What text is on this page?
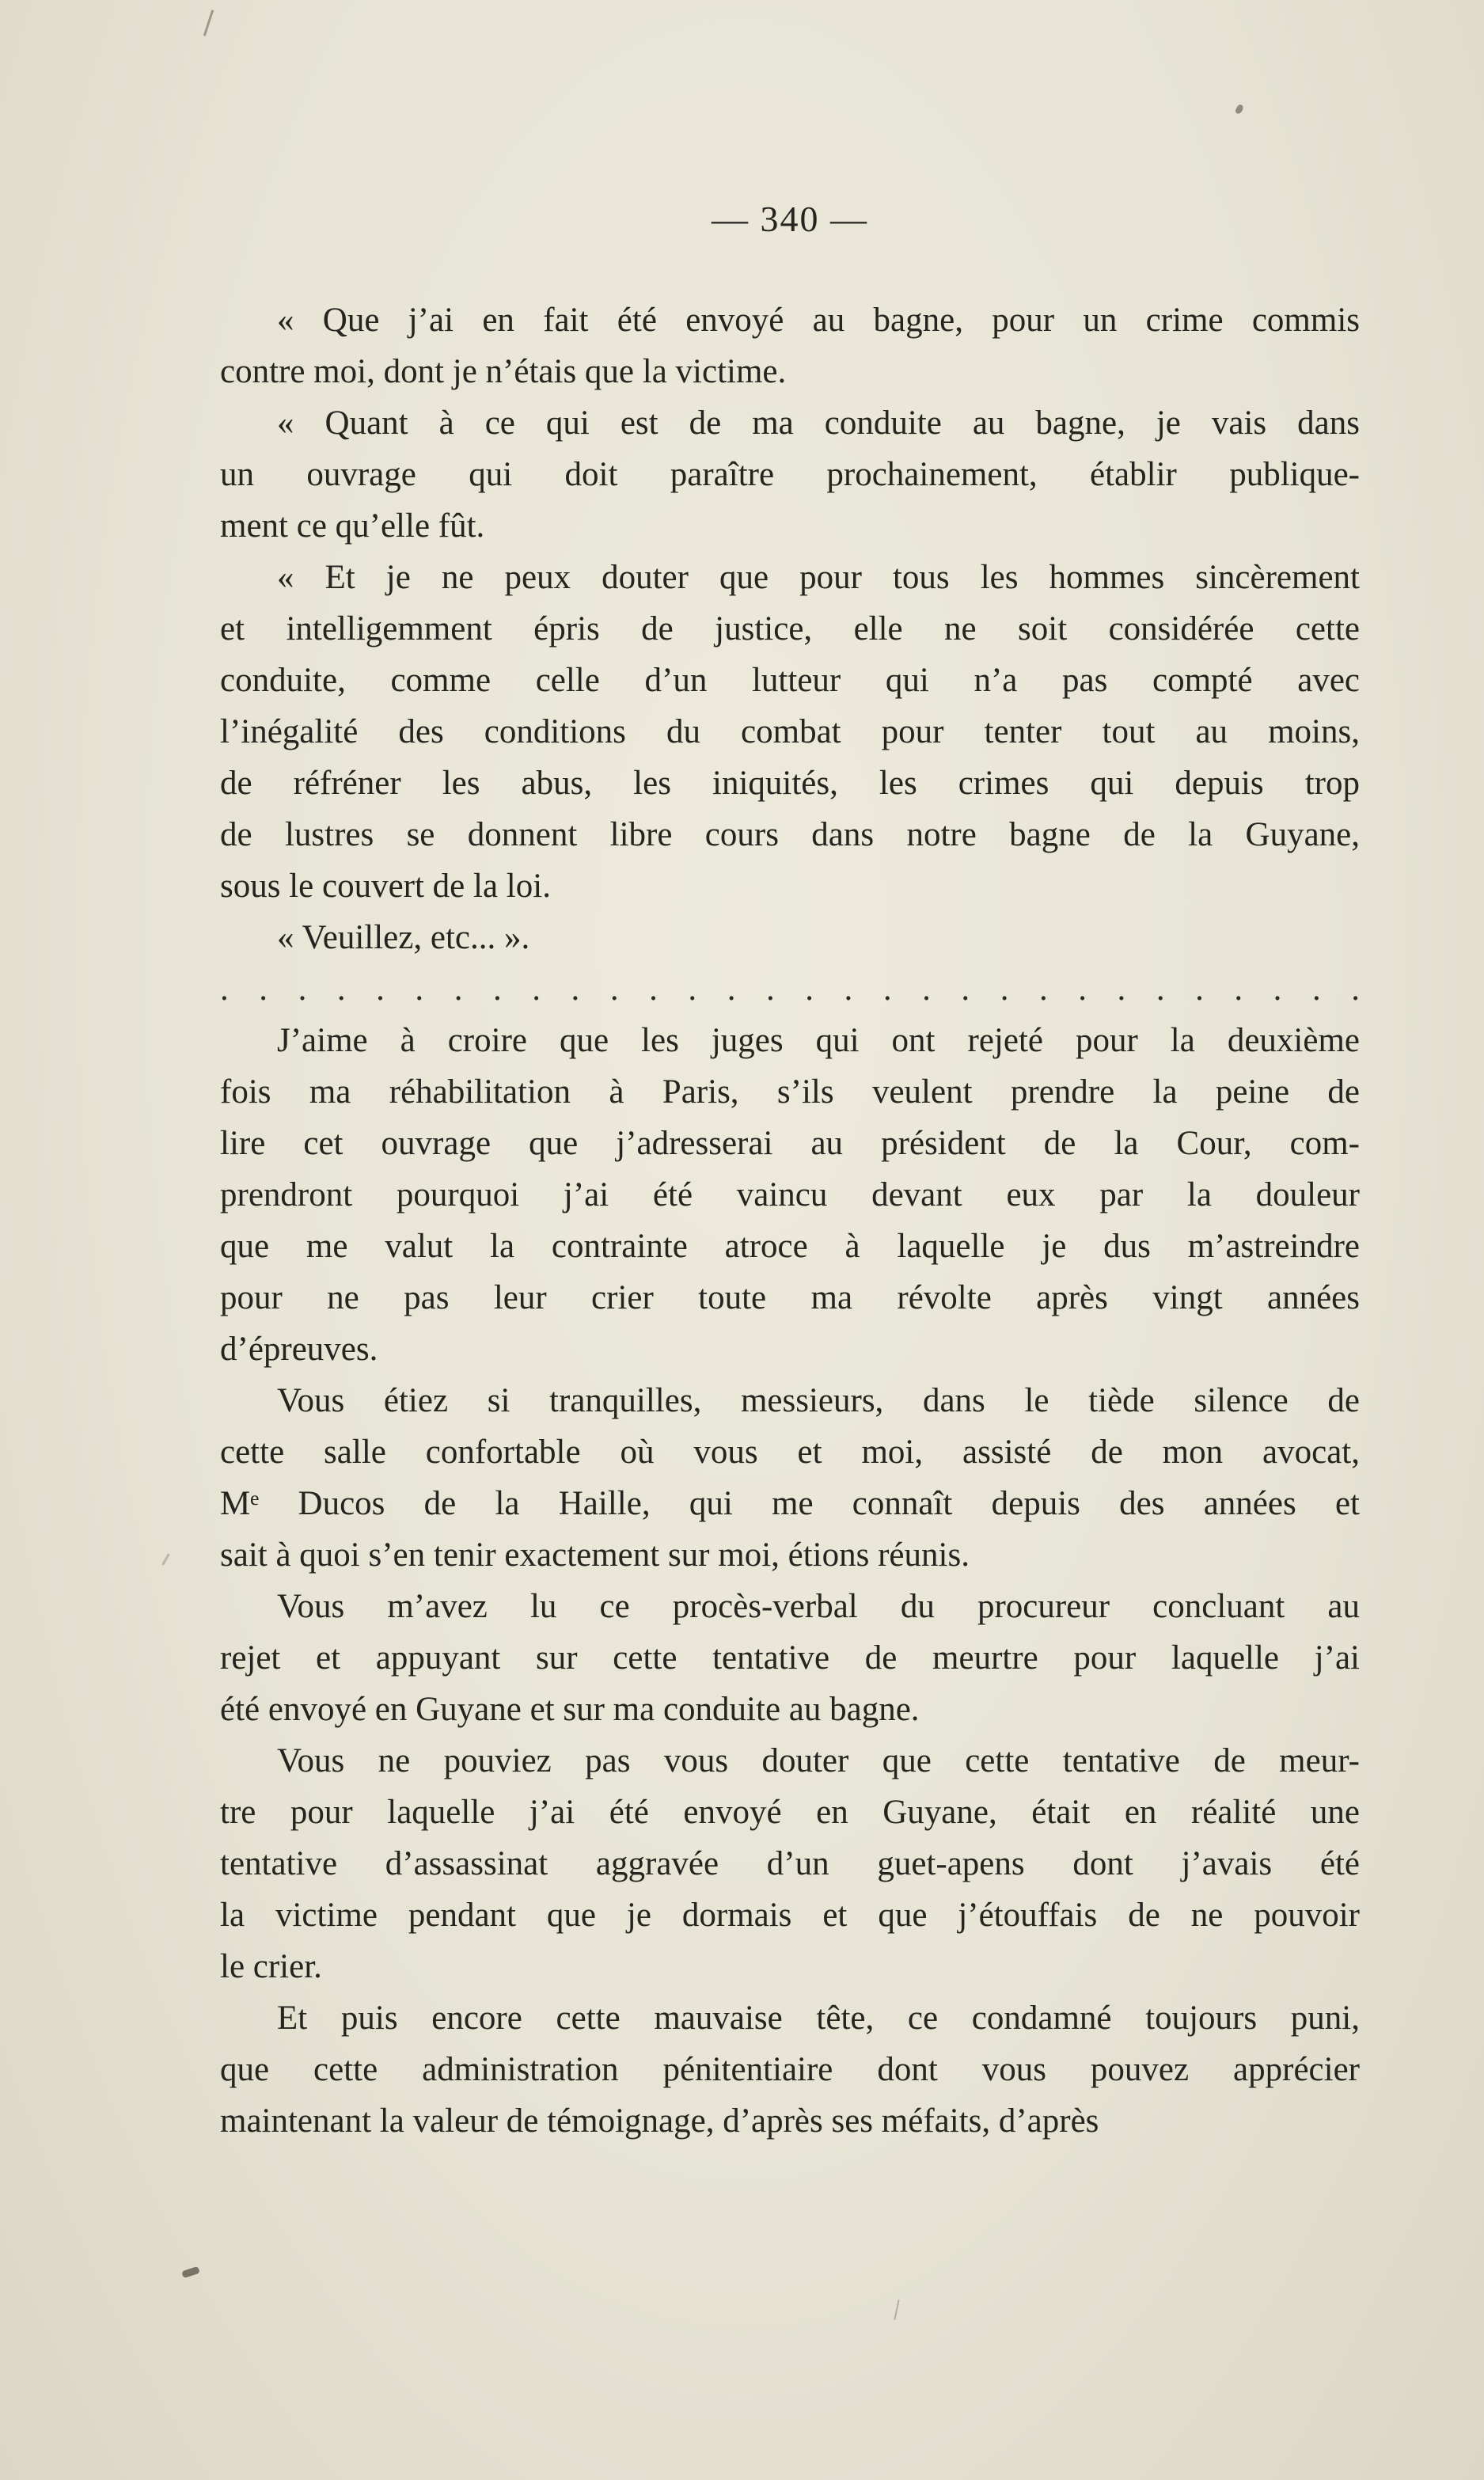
— 340 —
« Que j’ai en fait été envoyé au bagne, pour un crime commis
contre moi, dont je n’étais que la victime.
« Quant à ce qui est de ma conduite au bagne, je vais dans
un ouvrage qui doit paraître prochainement, établir publique-
ment ce qu’elle fût.
« Et je ne peux douter que pour tous les hommes sincèrement
et intelligemment épris de justice, elle ne soit considérée cette
conduite, comme celle d’un lutteur qui n’a pas compté avec
l’inégalité des conditions du combat pour tenter tout au moins,
de réfréner les abus, les iniquités, les crimes qui depuis trop
de lustres se donnent libre cours dans notre bagne de la Guyane,
sous le couvert de la loi.
« Veuillez, etc... ».
. . . . . . . . . . . . . . . . . . . . . . . . . . . . . .
J’aime à croire que les juges qui ont rejeté pour la deuxième
fois ma réhabilitation à Paris, s’ils veulent prendre la peine de
lire cet ouvrage que j’adresserai au président de la Cour, com-
prendront pourquoi j’ai été vaincu devant eux par la douleur
que me valut la contrainte atroce à laquelle je dus m’astreindre
pour ne pas leur crier toute ma révolte après vingt années
d’épreuves.
Vous étiez si tranquilles, messieurs, dans le tiède silence de
cette salle confortable où vous et moi, assisté de mon avocat,
Mᵉ Ducos de la Haille, qui me connaît depuis des années et
sait à quoi s’en tenir exactement sur moi, étions réunis.
Vous m’avez lu ce procès-verbal du procureur concluant au
rejet et appuyant sur cette tentative de meurtre pour laquelle j’ai
été envoyé en Guyane et sur ma conduite au bagne.
Vous ne pouviez pas vous douter que cette tentative de meur-
tre pour laquelle j’ai été envoyé en Guyane, était en réalité une
tentative d’assassinat aggravée d’un guet-apens dont j’avais été
la victime pendant que je dormais et que j’étouffais de ne pouvoir
le crier.
Et puis encore cette mauvaise tête, ce condamné toujours puni,
que cette administration pénitentiaire dont vous pouvez apprécier
maintenant la valeur de témoignage, d’après ses méfaits, d’après
